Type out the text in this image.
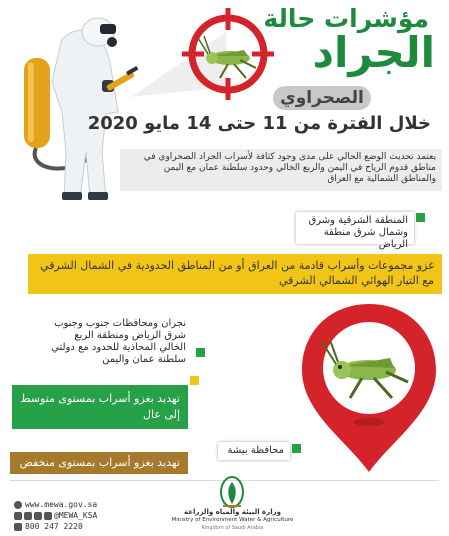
مؤشرات حالة
الجراد
الصحراوي
خلال الفترة من 11 حتى 14 مايو 2020
يعتمد تحديث الوضع الحالي على مدى وجود كثافة لأسراب الجراد الصحراوي في مناطق قدوم الرياح في اليمن والربع الخالي وحدود سلطنة عمان مع اليمن والمناطق الشمالية مع العراق
المنطقة الشرقية وشرق وشمال شرق منطقة الرياض
غزو مجموعات وأسراب قادمة من العراق أو من المناطق الحدودية في الشمال الشرقي مع التيار الهوائي الشمالي الشرقي
نجران ومحافظات جنوب وجنوب شرق الرياض ومنطقة الربع الخالي المحاذية للحدود مع دولتي سلطنة عمان واليمن
تهديد بغزو أسراب بمستوى متوسط إلى عال
محافظة بيشة
تهديد بغزو أسراب بمستوى منخفض
www.mewa.gov.sa
@MEWA_KSA
800 247 2220
وزارة البيئة والمياه والزراعة
Ministry of Environment Water & Agriculture
Kingdom of Saudi Arabia
